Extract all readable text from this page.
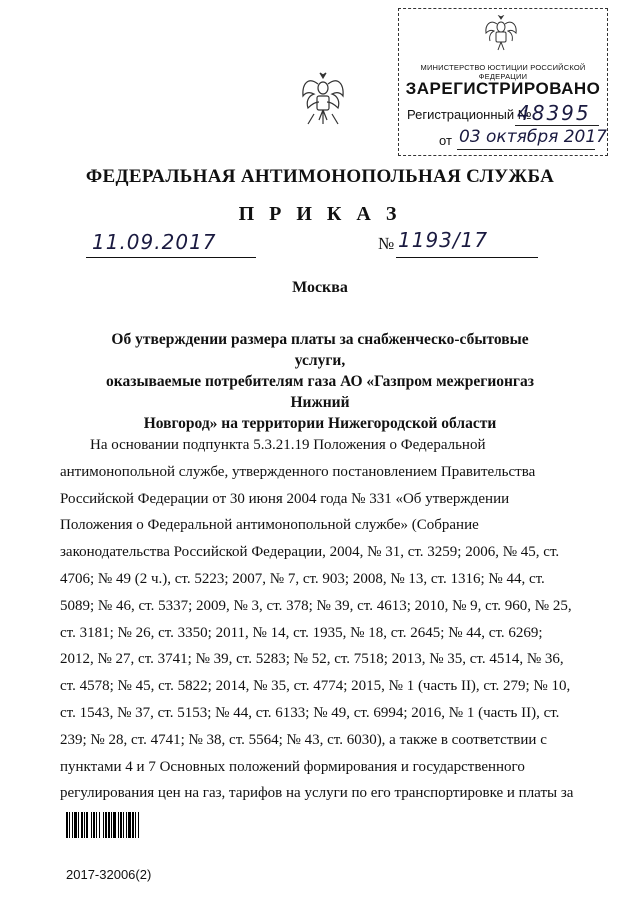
МИНИСТЕРСТВО ЮСТИЦИИ РОССИЙСКОЙ ФЕДЕРАЦИИ
ЗАРЕГИСТРИРОВАНО
Регистрационный №
48395
от 03 октября 2017
ФЕДЕРАЛЬНАЯ АНТИМОНОПОЛЬНАЯ СЛУЖБА
П Р И К А З
11.09.2017	№ 1193/17
Москва
Об утверждении размера платы за снабженческо-сбытовые услуги,
оказываемые потребителям газа АО «Газпром межрегионгаз Нижний
Новгород» на территории Нижегородской области
На основании подпункта 5.3.21.19 Положения о Федеральной
антимонопольной службе, утвержденного постановлением Правительства
Российской Федерации от 30 июня 2004 года № 331 «Об утверждении
Положения о Федеральной антимонопольной службе» (Собрание
законодательства Российской Федерации, 2004, № 31, ст. 3259; 2006, № 45, ст.
4706; № 49 (2 ч.), ст. 5223; 2007, № 7, ст. 903; 2008, № 13, ст. 1316; № 44, ст.
5089; № 46, ст. 5337; 2009, № 3, ст. 378; № 39, ст. 4613; 2010, № 9, ст. 960, № 25,
ст. 3181; № 26, ст. 3350; 2011, № 14, ст. 1935, № 18, ст. 2645; № 44, ст. 6269;
2012, № 27, ст. 3741; № 39, ст. 5283; № 52, ст. 7518; 2013, № 35, ст. 4514, № 36,
ст. 4578; № 45, ст. 5822; 2014, № 35, ст. 4774; 2015, № 1 (часть II), ст. 279; № 10,
ст. 1543, № 37, ст. 5153; № 44, ст. 6133; № 49, ст. 6994; 2016, № 1 (часть II), ст.
239; № 28, ст. 4741; № 38, ст. 5564; № 43, ст. 6030), а также в соответствии с
пунктами 4 и 7 Основных положений формирования и государственного
регулирования цен на газ, тарифов на услуги по его транспортировке и платы за
2017-32006(2)
